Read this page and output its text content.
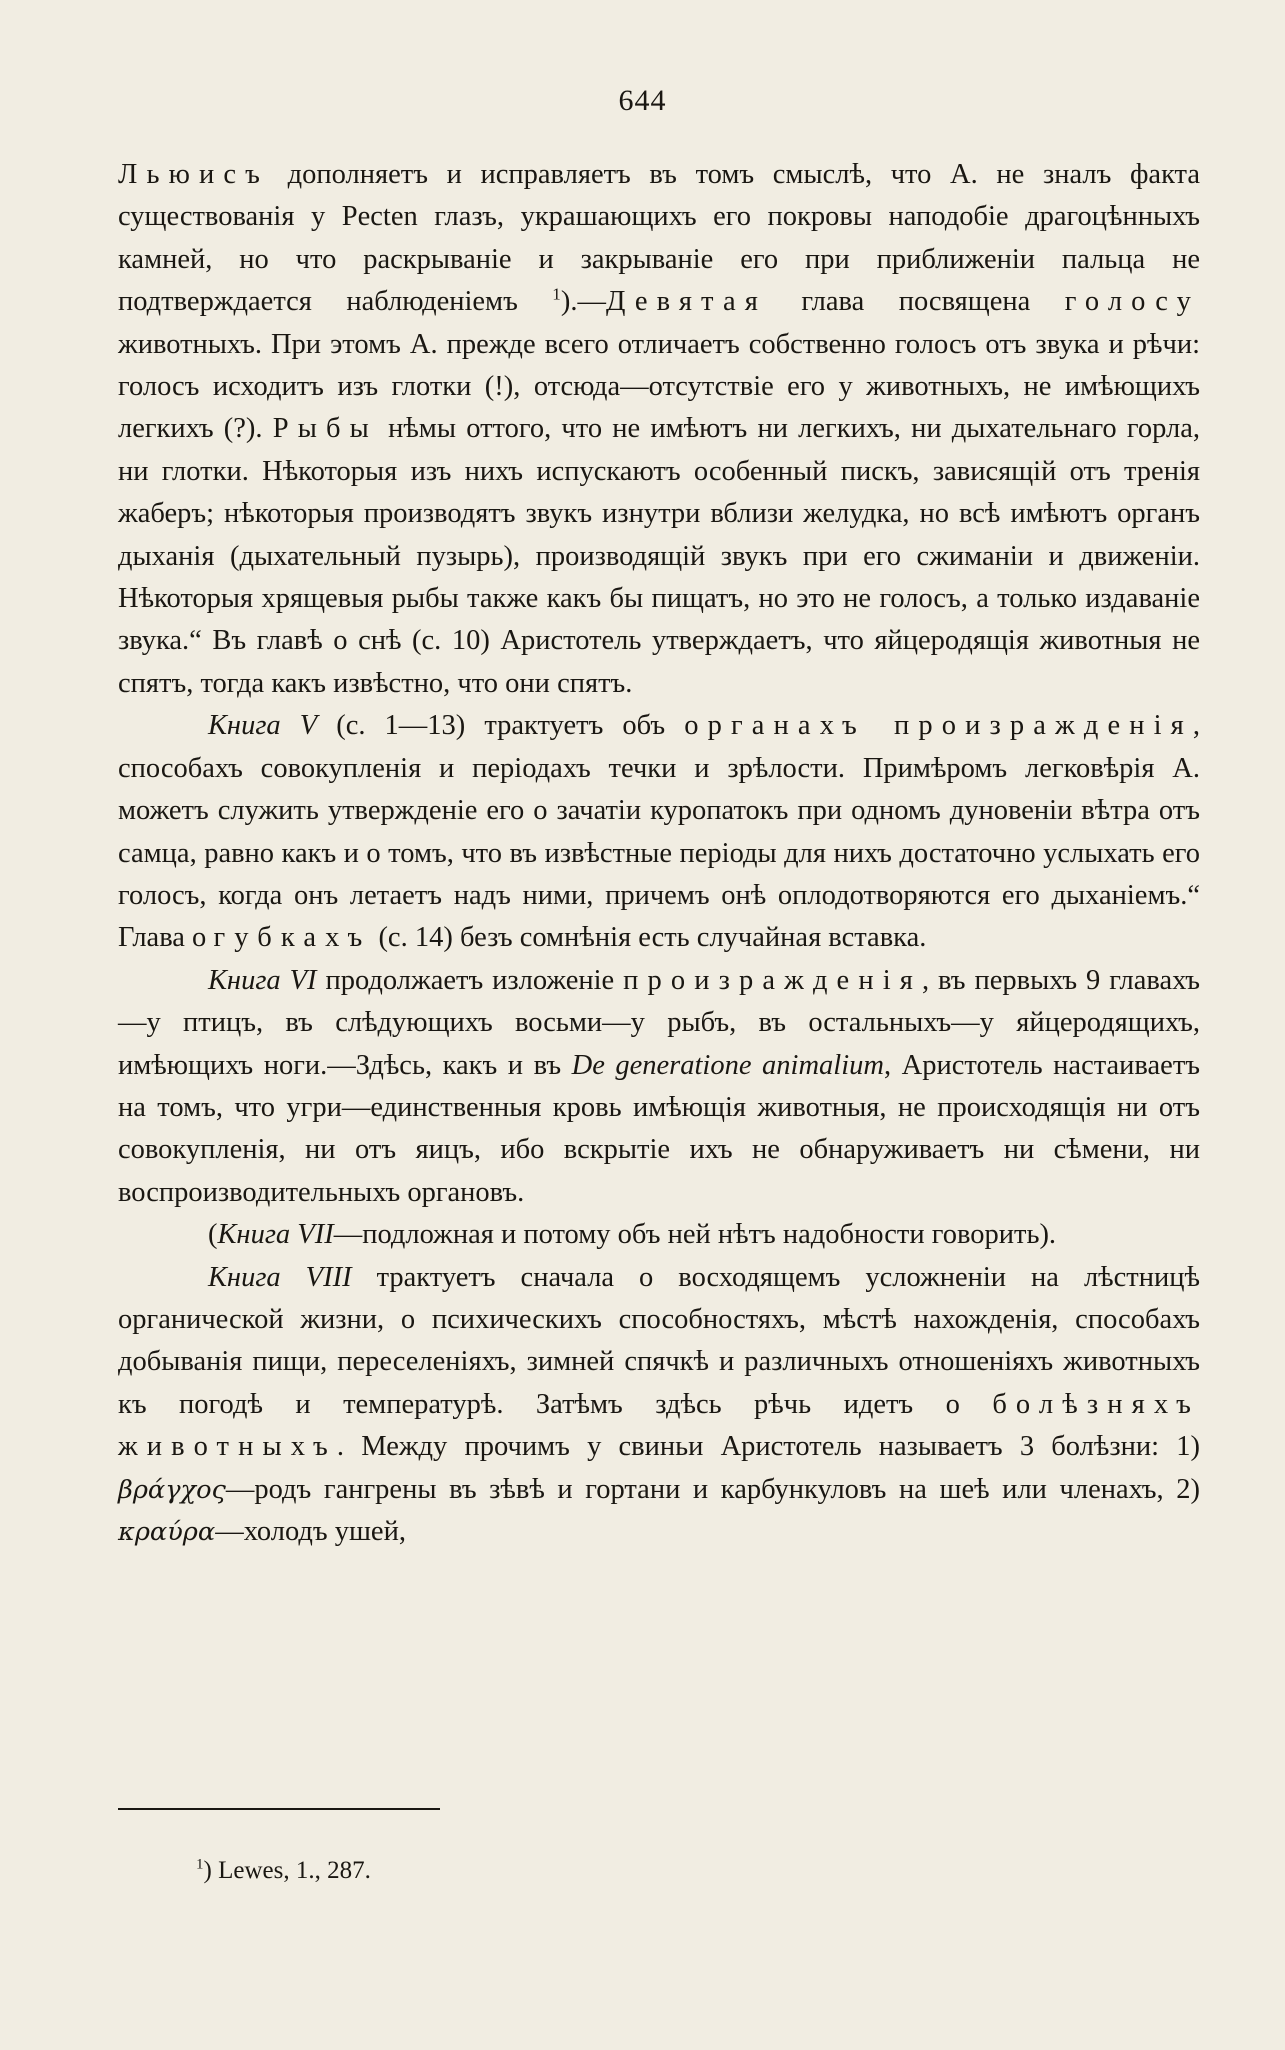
644

Льюисъ дополняетъ и исправляетъ въ томъ смыслѣ, что А. не зналъ факта существованія у Pecten глазъ, украшающихъ его покровы наподобіе драгоцѣнныхъ камней, но что раскрываніе и закрываніе его при приближеніи пальца не подтверждается наблюденіемъ $^1$).—Девятая глава посвящена голосу животныхъ. При этомъ А. прежде всего отличаетъ собственно голосъ отъ звука и рѣчи: голосъ исходитъ изъ глотки (!), отсюда—отсутствіе его у животныхъ, не имѣющихъ легкихъ (?). Рыбы нѣмы оттого, что не имѣютъ ни легкихъ, ни дыхательнаго горла, ни глотки. Нѣкоторыя изъ нихъ испускаютъ особенный пискъ, зависящій отъ тренія жаберъ; нѣкоторыя производятъ звукъ изнутри вблизи желудка, но всѣ имѣютъ органъ дыханія (дыхательный пузырь), производящій звукъ при его сжиманіи и движеніи. Нѣкоторыя хрящевыя рыбы также какъ бы пищатъ, но это не голосъ, а только издаваніе звука.“ Въ главѣ о снѣ (с. 10) Аристотель утверждаетъ, что яйцеродящія животныя не спятъ, тогда какъ извѣстно, что они спятъ.

Книга V (с. 1—13) трактуетъ объ органахъ произражденія, способахъ совокупленія и періодахъ течки и зрѣлости. Примѣромъ легковѣрія А. можетъ служить утвержденіе его о зачатіи куропатокъ при одномъ дуновеніи вѣтра отъ самца, равно какъ и о томъ, что въ извѣстные періоды для нихъ достаточно услыхать его голосъ, когда онъ летаетъ надъ ними, причемъ онѣ оплодотворяются его дыханіемъ.“ Глава о губкахъ (с. 14) безъ сомнѣнія есть случайная вставка.

Книга VI продолжаетъ изложеніе произражденія, въ первыхъ 9 главахъ—у птицъ, въ слѣдующихъ восьми—у рыбъ, въ остальныхъ—у яйцеродящихъ, имѣющихъ ноги.—Здѣсь, какъ и въ De generatione animalium, Аристотель настаиваетъ на томъ, что угри—единственныя кровь имѣющія животныя, не происходящія ни отъ совокупленія, ни отъ яицъ, ибо вскрытіе ихъ не обнаруживаетъ ни сѣмени, ни воспроизводительныхъ органовъ.

(Книга VII—подложная и потому объ ней нѣтъ надобности говорить).

Книга VIII трактуетъ сначала о восходящемъ усложненіи на лѣстницѣ органической жизни, о психическихъ способностяхъ, мѣстѣ нахожденія, способахъ добыванія пищи, переселеніяхъ, зимней спячкѣ и различныхъ отношеніяхъ животныхъ къ погодѣ и температурѣ. Затѣмъ здѣсь рѣчь идетъ о болѣзняхъ животныхъ. Между прочимъ у свиньи Аристотель называетъ 3 болѣзни: 1) βράγχος—родъ гангрены въ зѣвѣ и гортани и карбункуловъ на шеѣ или членахъ, 2) κραύρα—холодъ ушей,

$^1$) Lewes, 1., 287.
